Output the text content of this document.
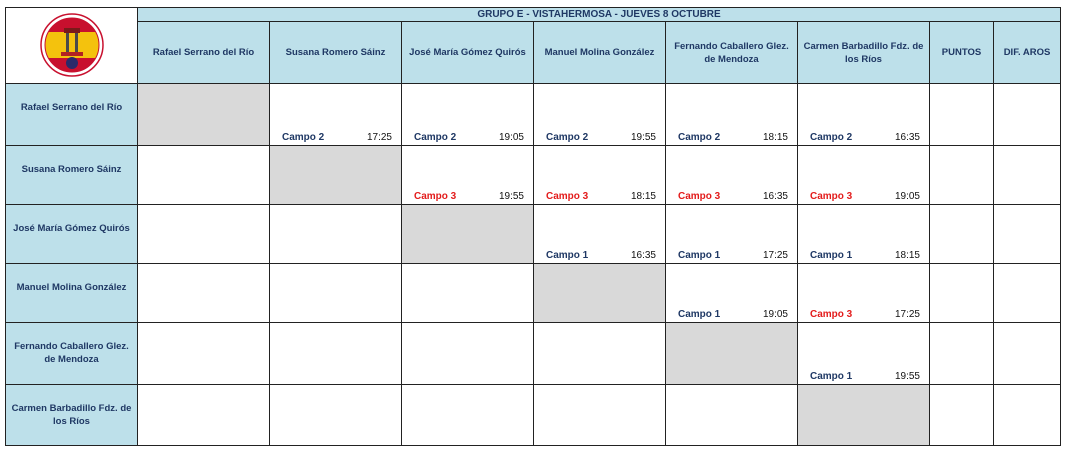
	GRUPO E - VISTAHERMOSA - JUEVES 8 OCTUBRE							
	Rafael Serrano del Río	Susana Romero Sáinz	José María Gómez Quirós	Manuel Molina González	Fernando Caballero Glez. de Mendoza	Carmen Barbadillo Fdz. de los Ríos	PUNTOS	DIF. AROS
Rafael Serrano del Río		Campo 2 17:25	Campo 2 19:05	Campo 2 19:55	Campo 2 18:15	Campo 2 16:35		

Susana Romero Sáinz			Campo 3 19:55	Campo 3 18:15	Campo 3 16:35	Campo 3 19:05		

José María Gómez Quirós				Campo 1 16:35	Campo 1 17:25	Campo 1 18:15		

Manuel Molina González					Campo 1 19:05	Campo 3 17:25		

Fernando Caballero Glez. de Mendoza						Campo 1 19:55		

Carmen Barbadillo Fdz. de los Ríos								
